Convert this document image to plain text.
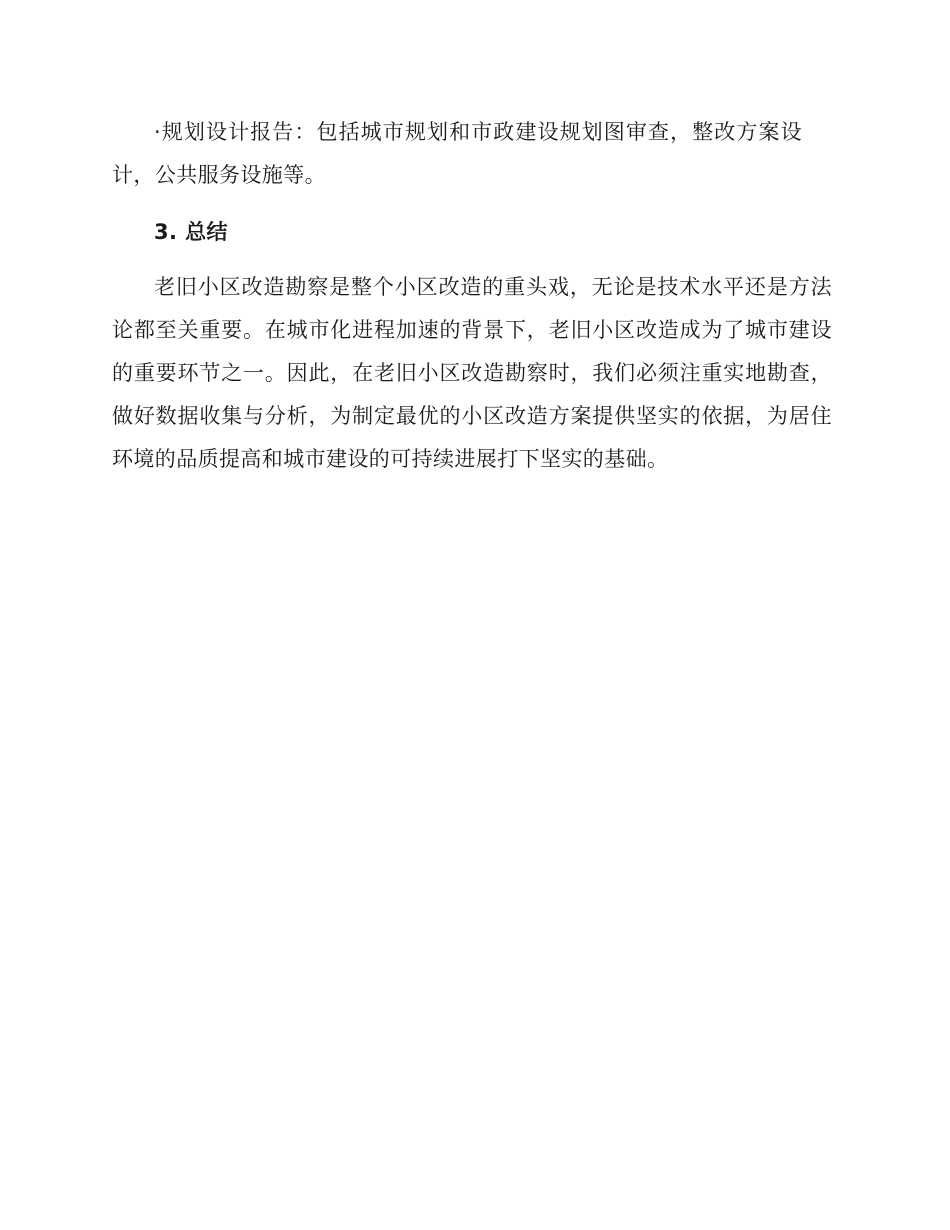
·规划设计报告：包括城市规划和市政建设规划图审查，整改方案设计，公共服务设施等。

3. 总结

老旧小区改造勘察是整个小区改造的重头戏，无论是技术水平还是方法论都至关重要。在城市化进程加速的背景下，老旧小区改造成为了城市建设的重要环节之一。因此，在老旧小区改造勘察时，我们必须注重实地勘查，做好数据收集与分析，为制定最优的小区改造方案提供坚实的依据，为居住环境的品质提高和城市建设的可持续进展打下坚实的基础。
